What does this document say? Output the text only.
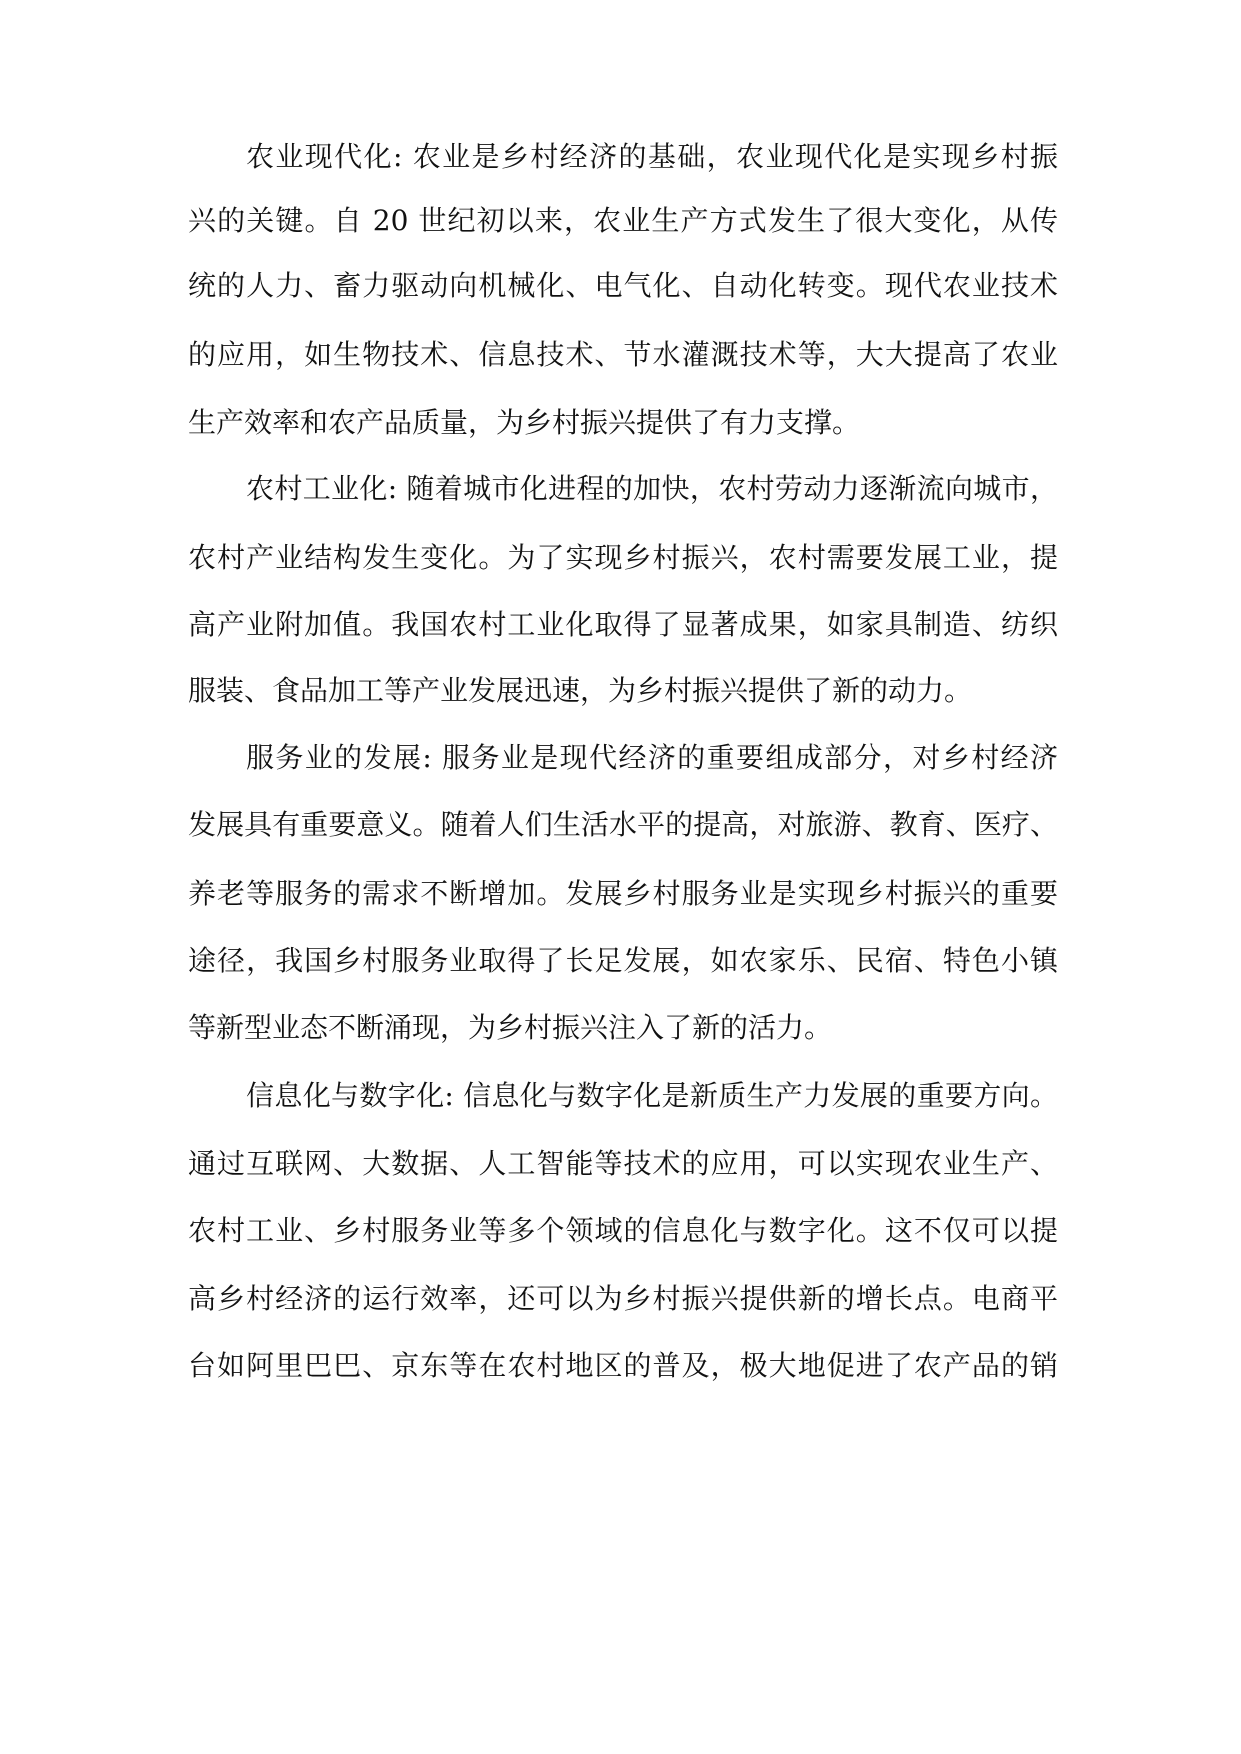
农业现代化: 农业是乡村经济的基础，农业现代化是实现乡村振
兴的关键。自 20 世纪初以来，农业生产方式发生了很大变化，从传
统的人力、畜力驱动向机械化、电气化、自动化转变。现代农业技术
的应用，如生物技术、信息技术、节水灌溉技术等，大大提高了农业
生产效率和农产品质量，为乡村振兴提供了有力支撑。
农村工业化: 随着城市化进程的加快，农村劳动力逐渐流向城市，
农村产业结构发生变化。为了实现乡村振兴，农村需要发展工业，提
高产业附加值。我国农村工业化取得了显著成果，如家具制造、纺织
服装、食品加工等产业发展迅速，为乡村振兴提供了新的动力。
服务业的发展: 服务业是现代经济的重要组成部分，对乡村经济
发展具有重要意义。随着人们生活水平的提高，对旅游、教育、医疗、
养老等服务的需求不断增加。发展乡村服务业是实现乡村振兴的重要
途径，我国乡村服务业取得了长足发展，如农家乐、民宿、特色小镇
等新型业态不断涌现，为乡村振兴注入了新的活力。
信息化与数字化: 信息化与数字化是新质生产力发展的重要方向。
通过互联网、大数据、人工智能等技术的应用，可以实现农业生产、
农村工业、乡村服务业等多个领域的信息化与数字化。这不仅可以提
高乡村经济的运行效率，还可以为乡村振兴提供新的增长点。电商平
台如阿里巴巴、京东等在农村地区的普及，极大地促进了农产品的销
